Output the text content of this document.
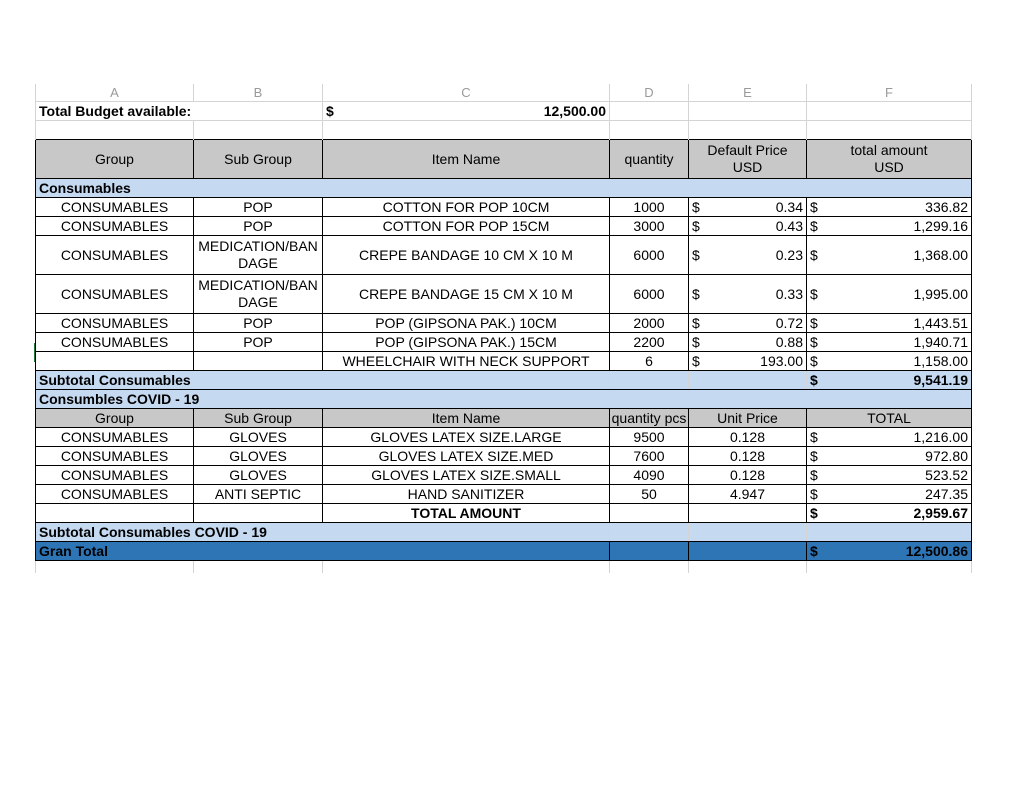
A	B	C	D	E	F
Total Budget available:		$ 12,500.00			

Group	Sub Group	Item Name	quantity	Default Price USD	total amount USD
Consumables					
CONSUMABLES	POP	COTTON FOR POP 10CM	1000	$ 0.34	$ 336.82

CONSUMABLES	POP	COTTON FOR POP 15CM	3000	$ 0.43	$ 1,299.16

CONSUMABLES	MEDICATION/BANDAGE	CREPE BANDAGE 10 CM X 10 M	6000	$ 0.23	$ 1,368.00

CONSUMABLES	MEDICATION/BANDAGE	CREPE BANDAGE 15 CM X 10 M	6000	$ 0.33	$ 1,995.00

CONSUMABLES	POP	POP (GIPSONA PAK.) 10CM	2000	$ 0.72	$ 1,443.51

CONSUMABLES	POP	POP (GIPSONA PAK.) 15CM	2200	$ 0.88	$ 1,940.71

		WHEELCHAIR WITH NECK SUPPORT	6	$ 193.00	$ 1,158.00

Subtotal Consumables					$ 9,541.19

Consumbles COVID - 19					
Group	Sub Group	Item Name	quantity pcs	Unit Price	TOTAL
CONSUMABLES	GLOVES	GLOVES LATEX SIZE.LARGE	9500	0.128	$ 1,216.00

CONSUMABLES	GLOVES	GLOVES LATEX SIZE.MED	7600	0.128	$ 972.80

CONSUMABLES	GLOVES	GLOVES LATEX SIZE.SMALL	4090	0.128	$ 523.52

CONSUMABLES	ANTI SEPTIC	HAND SANITIZER	50	4.947	$ 247.35

		TOTAL AMOUNT			$ 2,959.67

Subtotal Consumables COVID - 19					
Gran Total					$ 12,500.86
